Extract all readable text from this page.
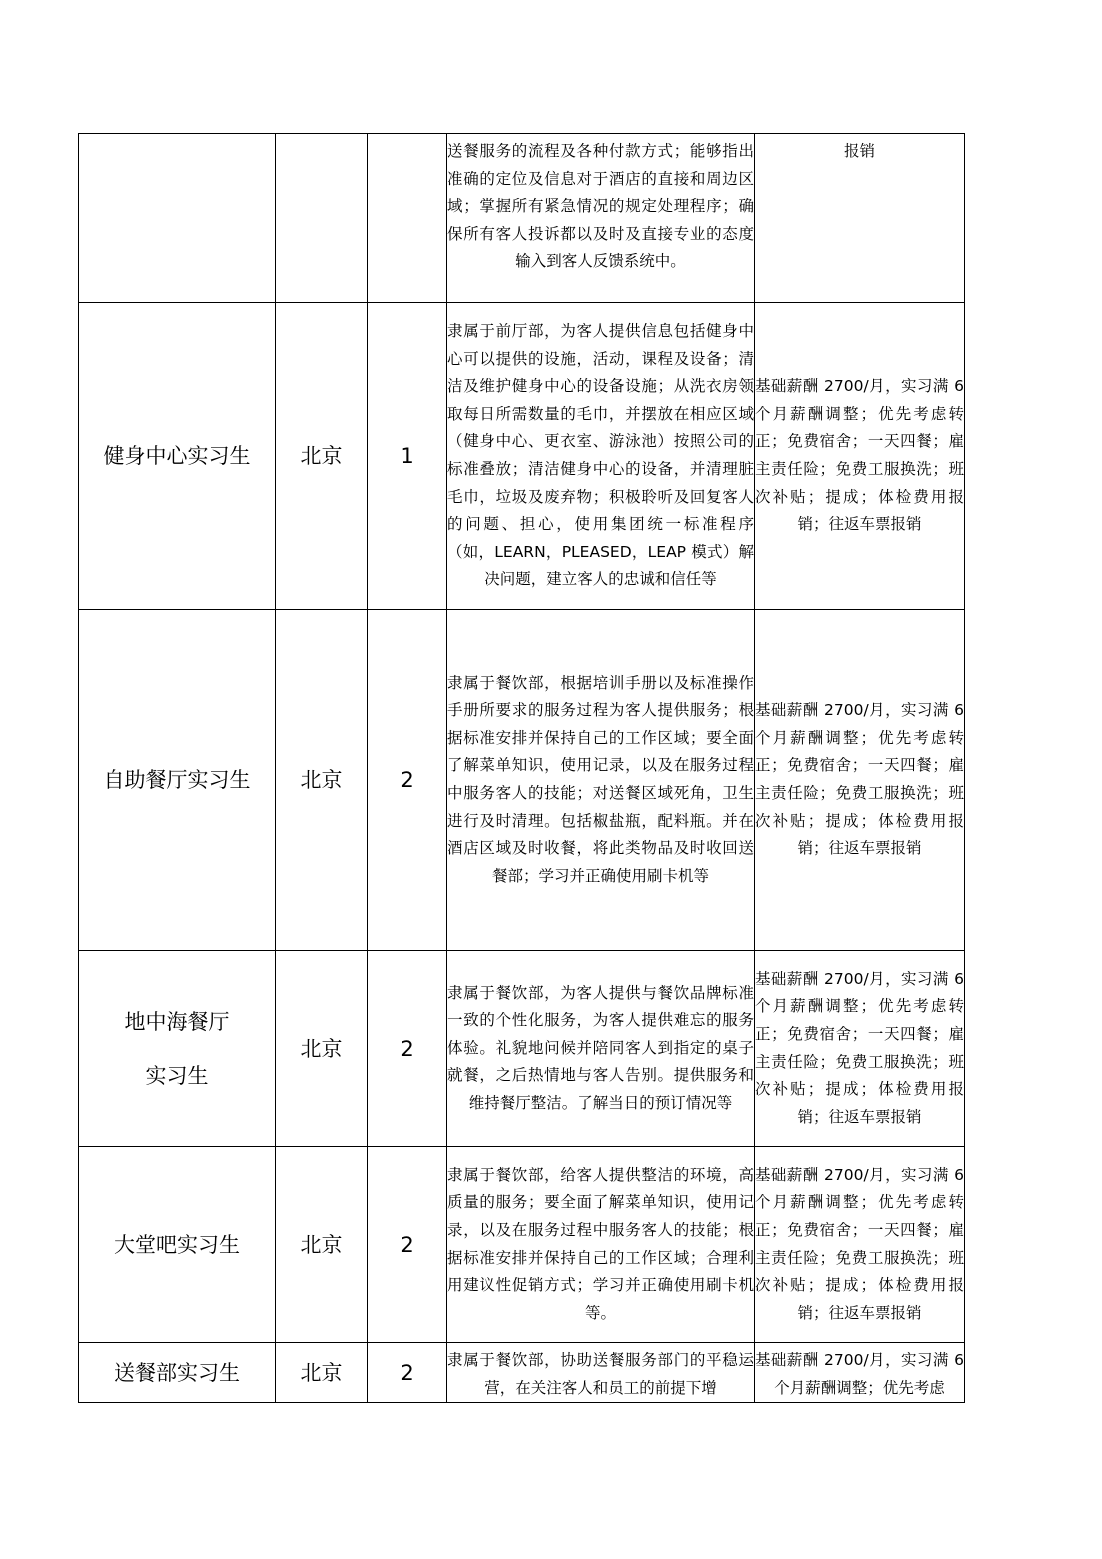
			送餐服务的流程及各种付款方式；能够指出准确的定位及信息对于酒店的直接和周边区域；掌握所有紧急情况的规定处理程序；确保所有客人投诉都以及时及直接专业的态度输入到客人反馈系统中。	报销
健身中心实习生	北京	1	隶属于前厅部，为客人提供信息包括健身中心可以提供的设施，活动，课程及设备；清洁及维护健身中心的设备设施；从洗衣房领取每日所需数量的毛巾，并摆放在相应区域（健身中心、更衣室、游泳池）按照公司的标准叠放；清洁健身中心的设备，并清理脏毛巾，垃圾及废弃物；积极聆听及回复客人的问题、担心，使用集团统一标准程序（如，LEARN，PLEASED，LEAP 模式）解决问题，建立客人的忠诚和信任等	基础薪酬 2700/月，实习满 6 个月薪酬调整；优先考虑转正；免费宿舍；一天四餐；雇主责任险；免费工服换洗；班次补贴；提成；体检费用报销；往返车票报销
自助餐厅实习生	北京	2	隶属于餐饮部，根据培训手册以及标准操作手册所要求的服务过程为客人提供服务；根据标准安排并保持自己的工作区域；要全面了解菜单知识，使用记录，以及在服务过程中服务客人的技能；对送餐区域死角，卫生进行及时清理。包括椒盐瓶，配料瓶。并在酒店区域及时收餐，将此类物品及时收回送餐部；学习并正确使用刷卡机等	基础薪酬 2700/月，实习满 6 个月薪酬调整；优先考虑转正；免费宿舍；一天四餐；雇主责任险；免费工服换洗；班次补贴；提成；体检费用报销；往返车票报销

地中海餐厅
实习生	北京	2	隶属于餐饮部，为客人提供与餐饮品牌标准一致的个性化服务，为客人提供难忘的服务体验。礼貌地问候并陪同客人到指定的桌子就餐，之后热情地与客人告别。提供服务和维持餐厅整洁。了解当日的预订情况等	基础薪酬 2700/月，实习满 6 个月薪酬调整；优先考虑转正；免费宿舍；一天四餐；雇主责任险；免费工服换洗；班次补贴；提成；体检费用报销；往返车票报销
大堂吧实习生	北京	2	隶属于餐饮部，给客人提供整洁的环境，高质量的服务；要全面了解菜单知识，使用记录，以及在服务过程中服务客人的技能；根据标准安排并保持自己的工作区域；合理利用建议性促销方式；学习并正确使用刷卡机等。	基础薪酬 2700/月，实习满 6 个月薪酬调整；优先考虑转正；免费宿舍；一天四餐；雇主责任险；免费工服换洗；班次补贴；提成；体检费用报销；往返车票报销
送餐部实习生	北京	2	隶属于餐饮部，协助送餐服务部门的平稳运营，在关注客人和员工的前提下增	基础薪酬 2700/月，实习满 6 个月薪酬调整；优先考虑
